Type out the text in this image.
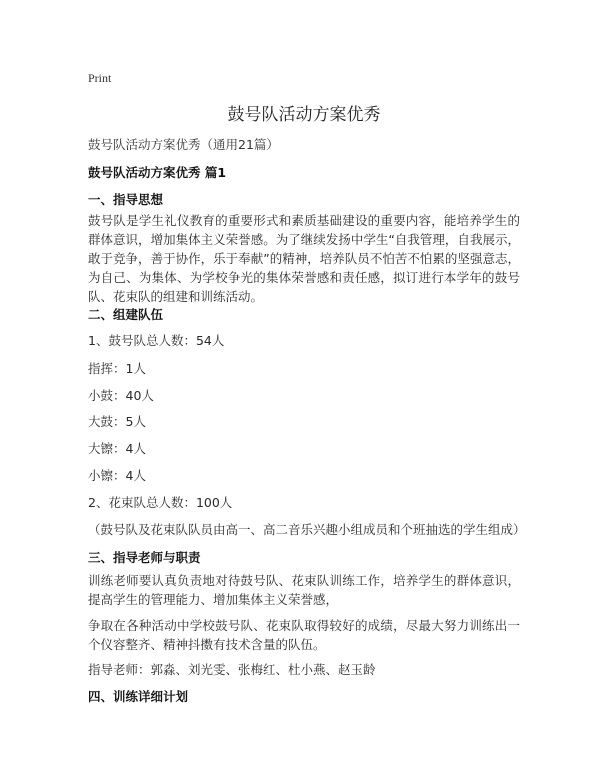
Print
鼓号队活动方案优秀
鼓号队活动方案优秀（通用21篇）
鼓号队活动方案优秀 篇1
一、指导思想
鼓号队是学生礼仪教育的重要形式和素质基础建设的重要内容，能培养学生的群体意识，增加集体主义荣誉感。为了继续发扬中学生“自我管理，自我展示，敢于竞争，善于协作，乐于奉献”的精神，培养队员不怕苦不怕累的坚强意志，为自己、为集体、为学校争光的集体荣誉感和责任感，拟订进行本学年的鼓号队、花束队的组建和训练活动。
二、组建队伍
1、鼓号队总人数：54人
指挥：1人
小鼓：40人
大鼓：5人
大镲：4人
小镲：4人
2、花束队总人数：100人
（鼓号队及花束队队员由高一、高二音乐兴趣小组成员和个班抽选的学生组成）
三、指导老师与职责
训练老师要认真负责地对待鼓号队、花束队训练工作，培养学生的群体意识，提高学生的管理能力、增加集体主义荣誉感，
争取在各种活动中学校鼓号队、花束队取得较好的成绩，尽最大努力训练出一个仪容整齐、精神抖擞有技术含量的队伍。
指导老师：郭淼、刘光雯、张梅红、杜小燕、赵玉龄
四、训练详细计划
